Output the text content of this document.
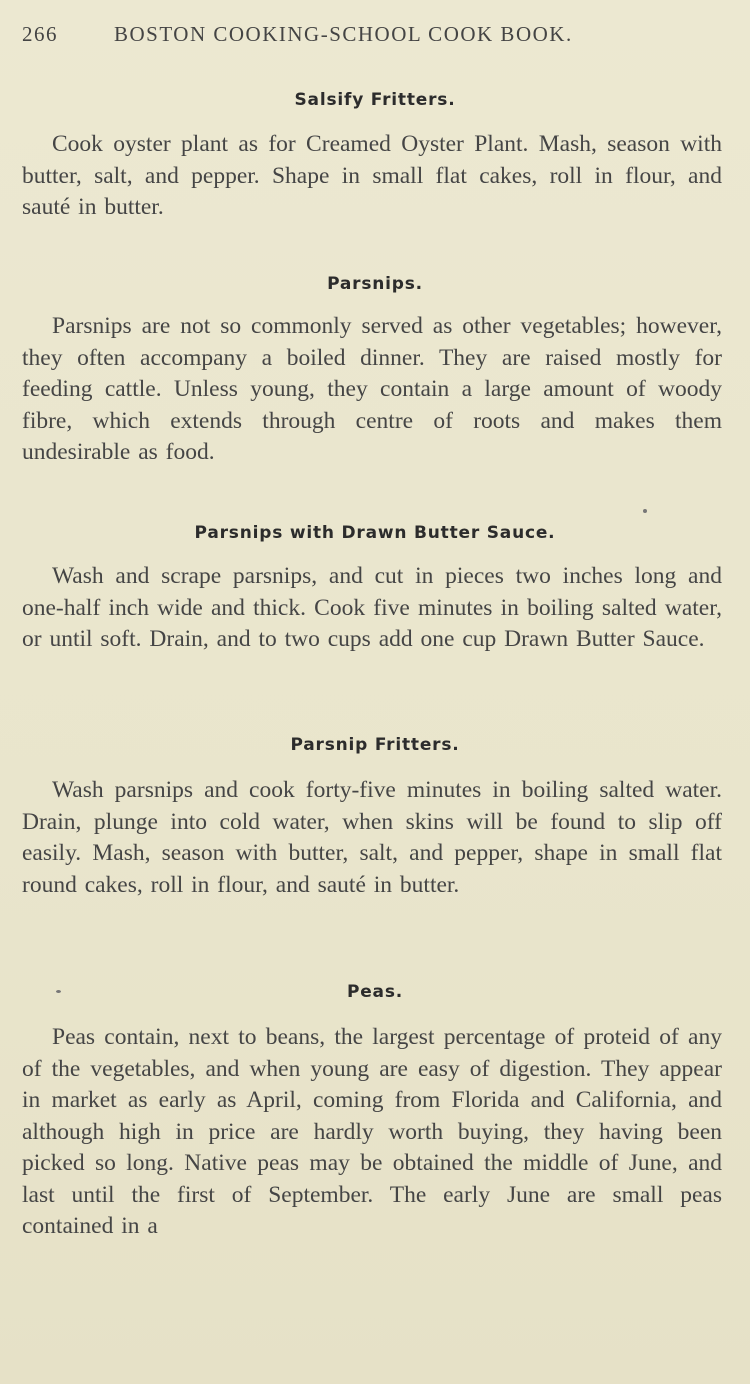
266	BOSTON COOKING-SCHOOL COOK BOOK.
Salsify Fritters.
Cook oyster plant as for Creamed Oyster Plant. Mash, season with butter, salt, and pepper. Shape in small flat cakes, roll in flour, and sauté in butter.
Parsnips.
Parsnips are not so commonly served as other vegetables; however, they often accompany a boiled dinner. They are raised mostly for feeding cattle. Unless young, they contain a large amount of woody fibre, which extends through centre of roots and makes them undesirable as food.
Parsnips with Drawn Butter Sauce.
Wash and scrape parsnips, and cut in pieces two inches long and one-half inch wide and thick. Cook five minutes in boiling salted water, or until soft. Drain, and to two cups add one cup Drawn Butter Sauce.
Parsnip Fritters.
Wash parsnips and cook forty-five minutes in boiling salted water. Drain, plunge into cold water, when skins will be found to slip off easily. Mash, season with butter, salt, and pepper, shape in small flat round cakes, roll in flour, and sauté in butter.
Peas.
Peas contain, next to beans, the largest percentage of proteid of any of the vegetables, and when young are easy of digestion. They appear in market as early as April, coming from Florida and California, and although high in price are hardly worth buying, they having been picked so long. Native peas may be obtained the middle of June, and last until the first of September. The early June are small peas contained in a
